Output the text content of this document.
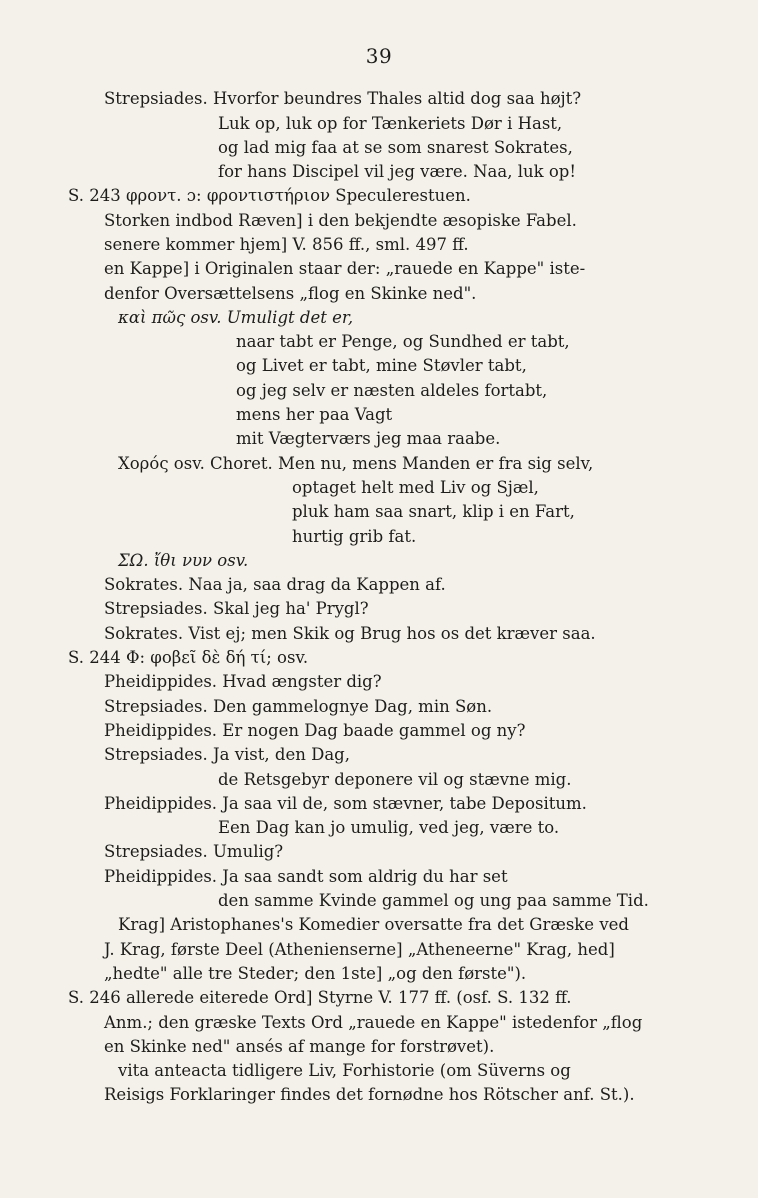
39
Strepsiades. Hvorfor beundres Thales altid dog saa højt?
Luk op, luk op for Tænkeriets Dør i Hast,
og lad mig faa at se som snarest Sokrates,
for hans Discipel vil jeg være. Naa, luk op!
S. 243 φροντ. ɔ: φροντιστήριον Speculerestuen.
Storken indbod Ræven] i den bekjendte æsopiske Fabel.
senere kommer hjem] V. 856 ff., sml. 497 ff.
en Kappe] i Originalen staar der: „rauede en Kappe" iste-
denfor Oversættelsens „flog en Skinke ned".
καὶ πῶς osv. Umuligt det er,
naar tabt er Penge, og Sundhed er tabt,
og Livet er tabt, mine Støvler tabt,
og jeg selv er næsten aldeles fortabt,
mens her paa Vagt
mit Vægterværs jeg maa raabe.
Χορός osv. Choret. Men nu, mens Manden er fra sig selv,
optaget helt med Liv og Sjæl,
pluk ham saa snart, klip i en Fart,
hurtig grib fat.
ΣΩ. ἴθι νυν osv.
Sokrates. Naa ja, saa drag da Kappen af.
Strepsiades. Skal jeg ha' Prygl?
Sokrates. Vist ej; men Skik og Brug hos os det kræver saa.
S. 244 Φ: φοβεῖ δὲ δή τί; osv.
Pheidippides. Hvad ængster dig?
Strepsiades. Den gammelognye Dag, min Søn.
Pheidippides. Er nogen Dag baade gammel og ny?
Strepsiades. Ja vist, den Dag,
de Retsgebyr deponere vil og stævne mig.
Pheidippides. Ja saa vil de, som stævner, tabe Depositum.
Een Dag kan jo umulig, ved jeg, være to.
Strepsiades. Umulig?
Pheidippides. Ja saa sandt som aldrig du har set
den samme Kvinde gammel og ung paa samme Tid.
Krag] Aristophanes's Komedier oversatte fra det Græske ved
J. Krag, første Deel (Athenienserne] „Atheneerne" Krag, hed]
„hedte" alle tre Steder; den 1ste] „og den første").
S. 246 allerede eiterede Ord] Styrne V. 177 ff. (osf. S. 132 ff.
Anm.; den græske Texts Ord „rauede en Kappe" istedenfor „flog
en Skinke ned" ansés af mange for forstrøvet).
vita anteacta tidligere Liv, Forhistorie (om Süverns og
Reisigs Forklaringer findes det fornødne hos Rötscher anf. St.).
